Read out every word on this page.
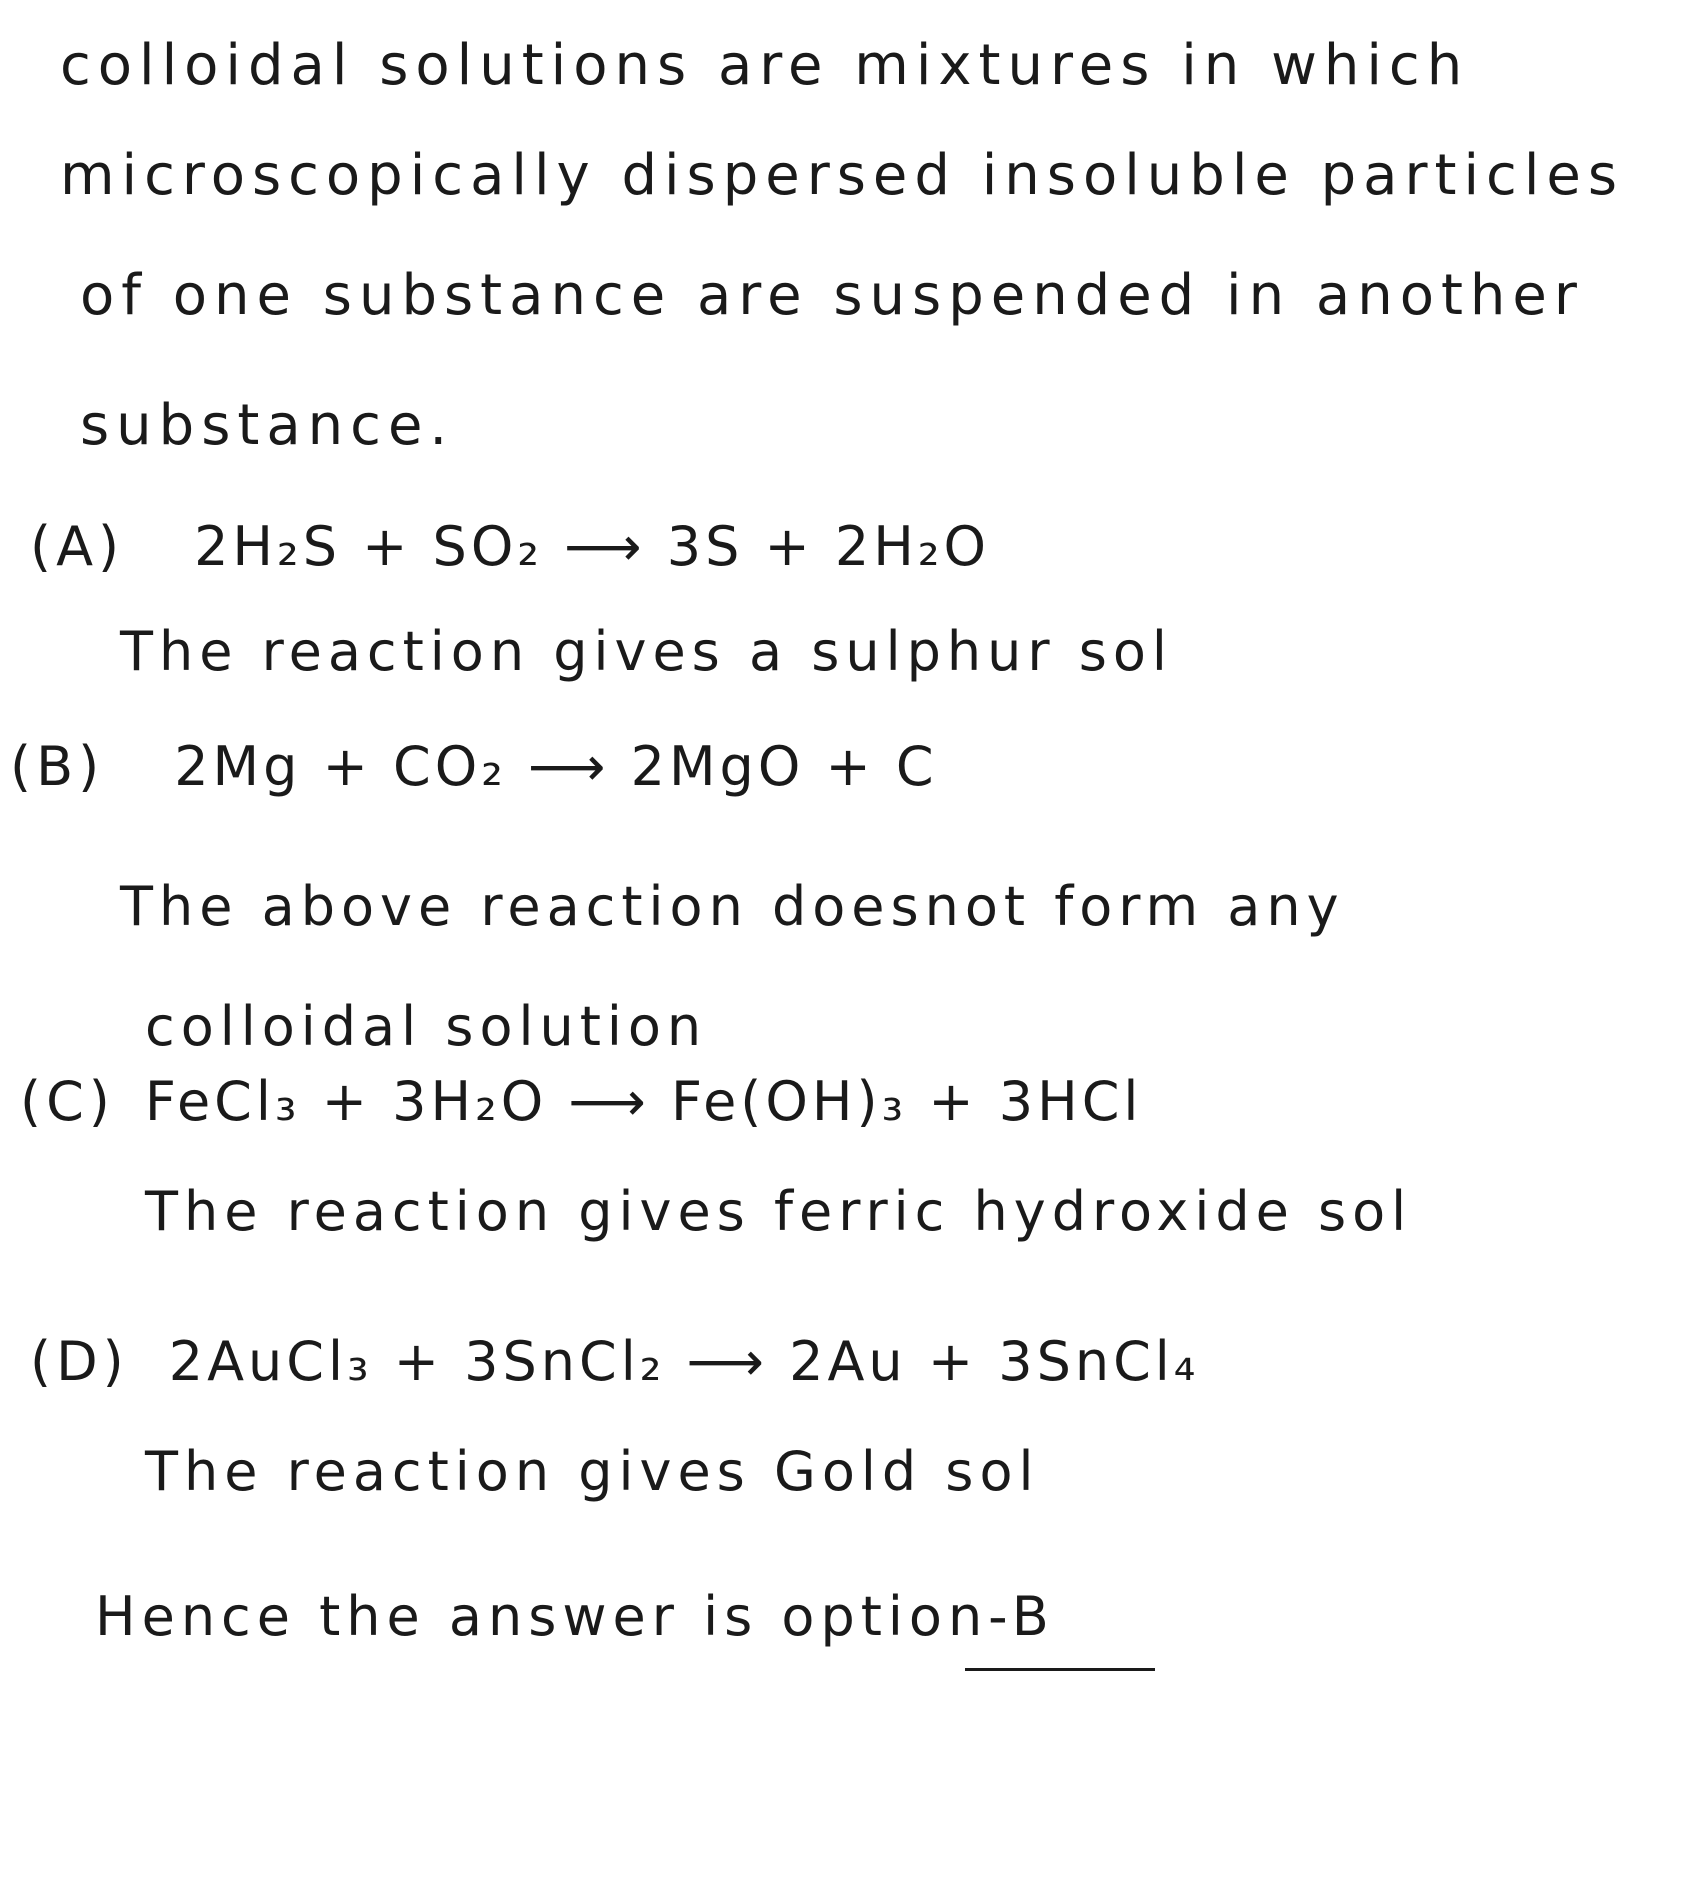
colloidal solutions are mixtures in which
microscopically dispersed insoluble particles
of one substance are suspended in another
substance.
(A) 2H₂S + SO₂ ⟶ 3S + 2H₂O
The reaction gives a sulphur sol
(B) 2Mg + CO₂ ⟶ 2MgO + C
The above reaction doesnot form any
colloidal solution
(C) FeCl₃ + 3H₂O ⟶ Fe(OH)₃ + 3HCl
The reaction gives ferric hydroxide sol
(D) 2AuCl₃ + 3SnCl₂ ⟶ 2Au + 3SnCl₄
The reaction gives Gold sol
Hence the answer is option-B
